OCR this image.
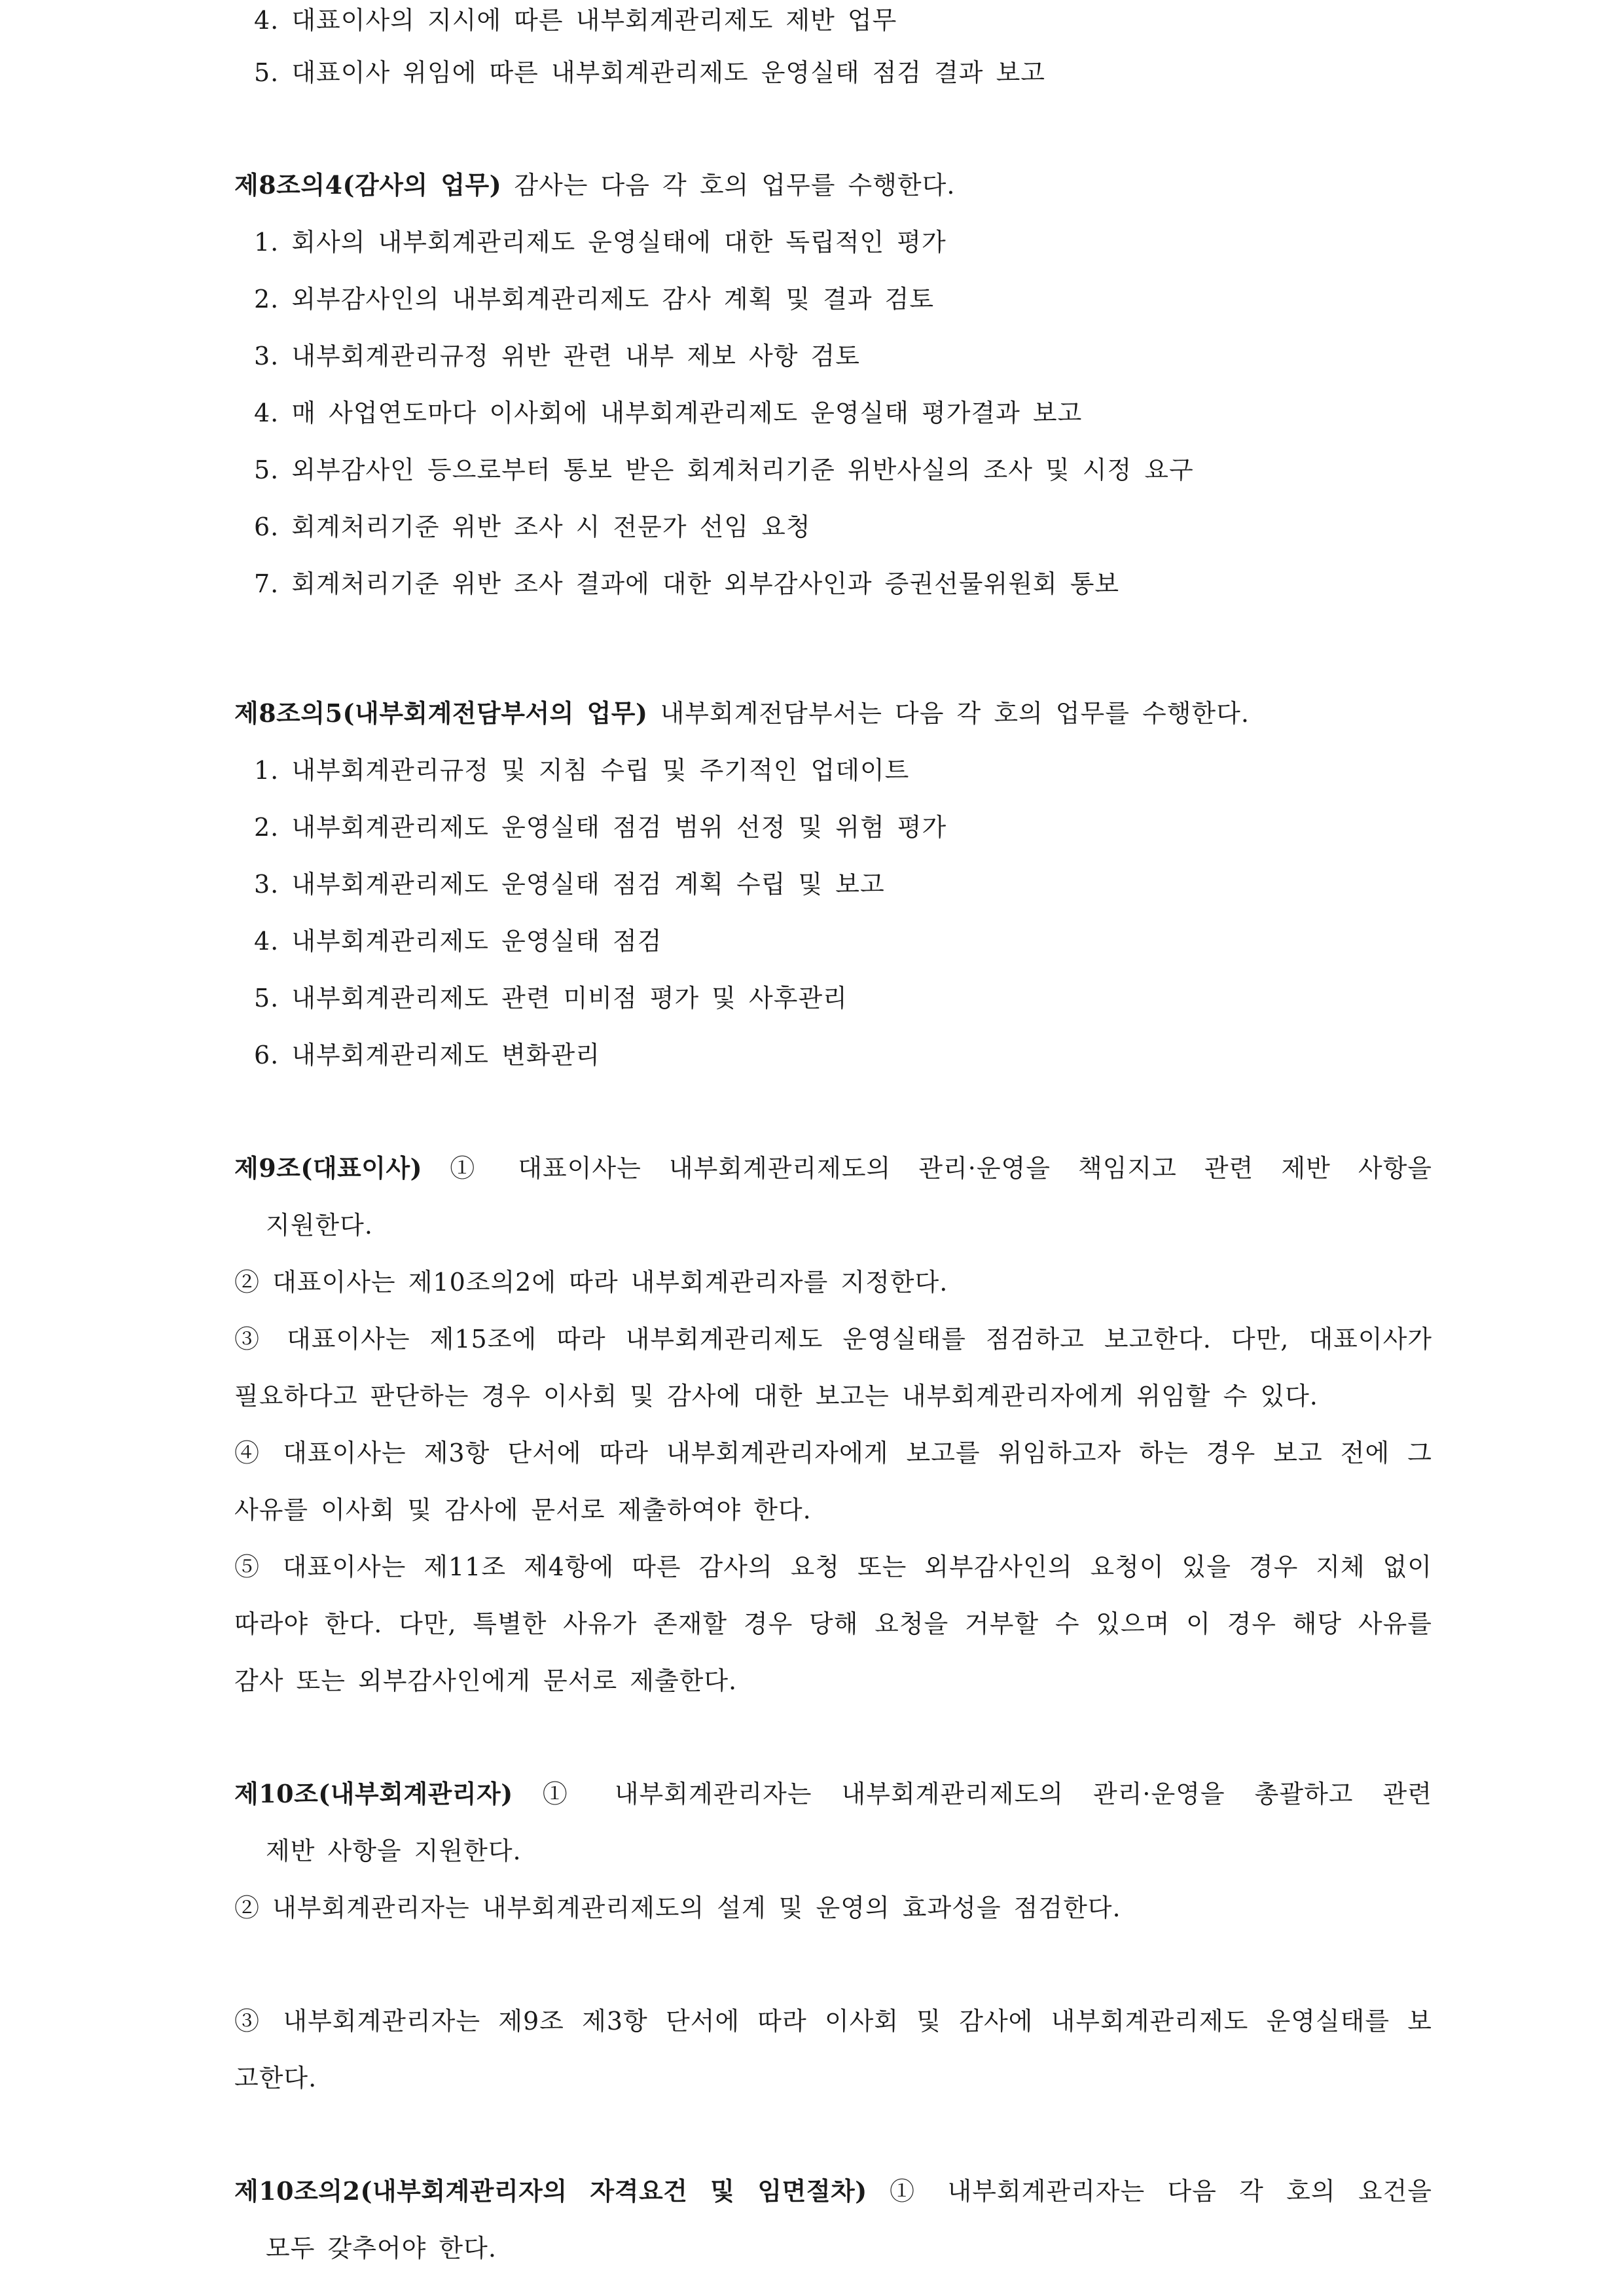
4. 대표이사의 지시에 따른 내부회계관리제도 제반 업무
5. 대표이사 위임에 따른 내부회계관리제도 운영실태 점검 결과 보고
제8조의4(감사의 업무) 감사는 다음 각 호의 업무를 수행한다.
1. 회사의 내부회계관리제도 운영실태에 대한 독립적인 평가
2. 외부감사인의 내부회계관리제도 감사 계획 및 결과 검토
3. 내부회계관리규정 위반 관련 내부 제보 사항 검토
4. 매 사업연도마다 이사회에 내부회계관리제도 운영실태 평가결과 보고
5. 외부감사인 등으로부터 통보 받은 회계처리기준 위반사실의 조사 및 시정 요구
6. 회계처리기준 위반 조사 시 전문가 선임 요청
7. 회계처리기준 위반 조사 결과에 대한 외부감사인과 증권선물위원회 통보
제8조의5(내부회계전담부서의 업무) 내부회계전담부서는 다음 각 호의 업무를 수행한다.
1. 내부회계관리규정 및 지침 수립 및 주기적인 업데이트
2. 내부회계관리제도 운영실태 점검 범위 선정 및 위험 평가
3. 내부회계관리제도 운영실태 점검 계획 수립 및 보고
4. 내부회계관리제도 운영실태 점검
5. 내부회계관리제도 관련 미비점 평가 및 사후관리
6. 내부회계관리제도 변화관리
제9조(대표이사) ① 대표이사는 내부회계관리제도의 관리·운영을 책임지고 관련 제반 사항을
지원한다.
② 대표이사는 제10조의2에 따라 내부회계관리자를 지정한다.
③ 대표이사는 제15조에 따라 내부회계관리제도 운영실태를 점검하고 보고한다. 다만, 대표이사가
필요하다고 판단하는 경우 이사회 및 감사에 대한 보고는 내부회계관리자에게 위임할 수 있다.
④ 대표이사는 제3항 단서에 따라 내부회계관리자에게 보고를 위임하고자 하는 경우 보고 전에 그
사유를 이사회 및 감사에 문서로 제출하여야 한다.
⑤ 대표이사는 제11조 제4항에 따른 감사의 요청 또는 외부감사인의 요청이 있을 경우 지체 없이
따라야 한다. 다만, 특별한 사유가 존재할 경우 당해 요청을 거부할 수 있으며 이 경우 해당 사유를
감사 또는 외부감사인에게 문서로 제출한다.
제10조(내부회계관리자) ① 내부회계관리자는 내부회계관리제도의 관리·운영을 총괄하고 관련
제반 사항을 지원한다.
② 내부회계관리자는 내부회계관리제도의 설계 및 운영의 효과성을 점검한다.
③ 내부회계관리자는 제9조 제3항 단서에 따라 이사회 및 감사에 내부회계관리제도 운영실태를 보
고한다.
제10조의2(내부회계관리자의 자격요건 및 임면절차) ① 내부회계관리자는 다음 각 호의 요건을
모두 갖추어야 한다.
